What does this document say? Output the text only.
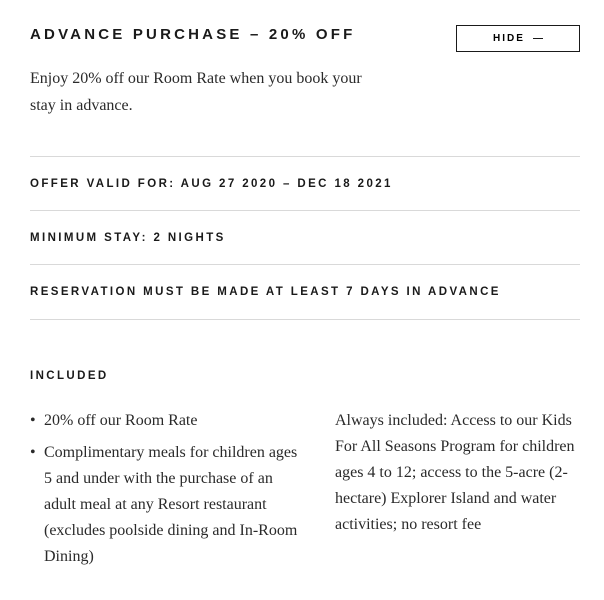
ADVANCE PURCHASE – 20% OFF	HIDE

Enjoy 20% off our Room Rate when you book your stay in advance.

OFFER VALID FOR: AUG 27 2020 – DEC 18 2021
MINIMUM STAY: 2 NIGHTS
RESERVATION MUST BE MADE AT LEAST 7 DAYS IN ADVANCE
INCLUDED
• 20% off our Room Rate
• Complimentary meals for children ages 5 and under with the purchase of an adult meal at any Resort restaurant (excludes poolside dining and In-Room Dining)

Always included: Access to our Kids For All Seasons Program for children ages 4 to 12; access to the 5-acre (2-hectare) Explorer Island and water activities; no resort fee
